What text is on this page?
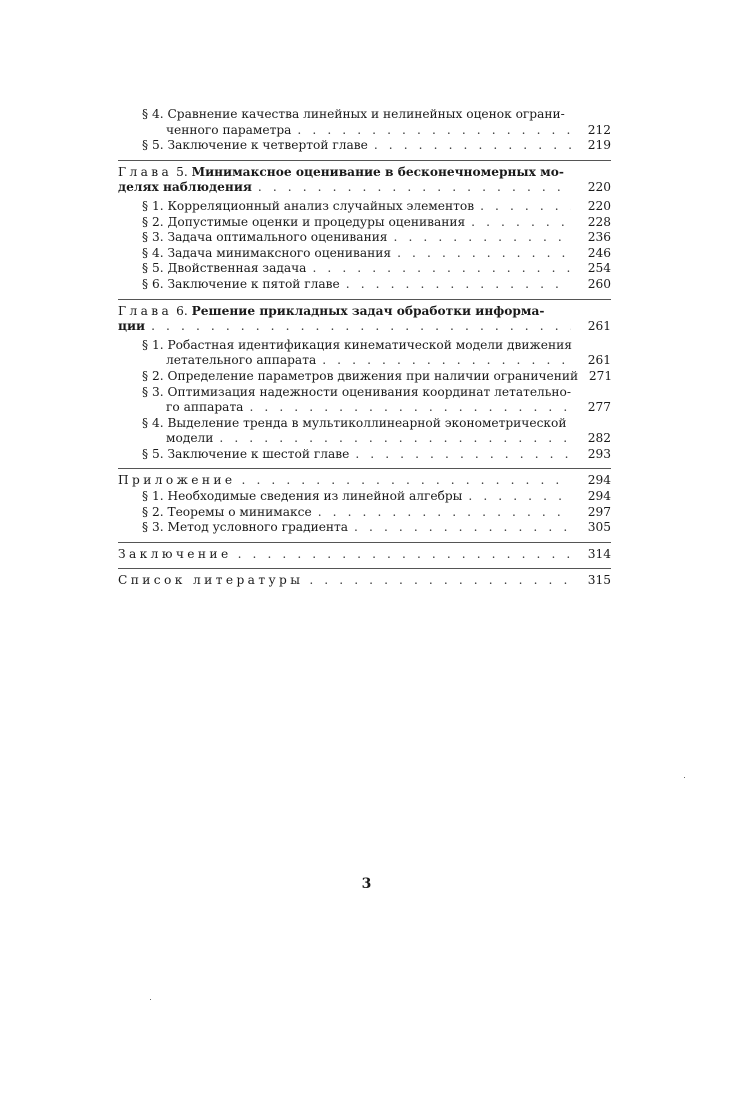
§ 4. Сравнение качества линейных и нелинейных оценок ограни-
ченного параметра . . .	212
§ 5. Заключение к четвертой главе . . .	219
Глава 5. Минимаксное оценивание в бесконечномерных мо-
делях наблюдения . . .	220
§ 1. Корреляционный анализ случайных элементов . . .	220
§ 2. Допустимые оценки и процедуры оценивания . . .	228
§ 3. Задача оптимального оценивания . . .	236
§ 4. Задача минимаксного оценивания . . .	246
§ 5. Двойственная задача . . .	254
§ 6. Заключение к пятой главе . . .	260
Глава 6. Решение прикладных задач обработки информа-
ции . . .	261
§ 1. Робастная идентификация кинематической модели движения
летательного аппарата . . .	261
§ 2. Определение параметров движения при наличии ограничений 271
§ 3. Оптимизация надежности оценивания координат летательно-
го аппарата . . .	277
§ 4. Выделение тренда в мультиколлинеарной эконометрической
модели . . .	282
§ 5. Заключение к шестой главе . . .	293
Приложение . . .	294
§ 1. Необходимые сведения из линейной алгебры . . .	294
§ 2. Теоремы о минимаксе . . .	297
§ 3. Метод условного градиента . . .	305
Заключение . . .	314
Список литературы . . .	315
3
